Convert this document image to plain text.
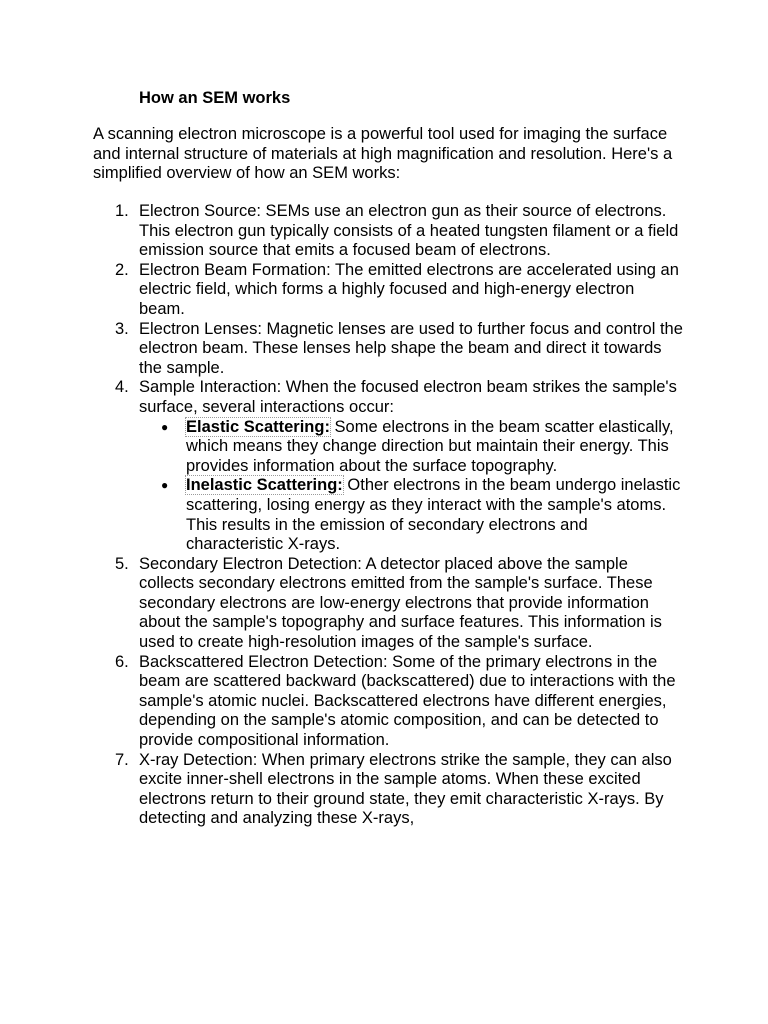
How an SEM works

A scanning electron microscope is a powerful tool used for imaging the surface and internal structure of materials at high magnification and resolution. Here's a simplified overview of how an SEM works:

1. Electron Source: SEMs use an electron gun as their source of electrons. This electron gun typically consists of a heated tungsten filament or a field emission source that emits a focused beam of electrons.
2. Electron Beam Formation: The emitted electrons are accelerated using an electric field, which forms a highly focused and high-energy electron beam.
3. Electron Lenses: Magnetic lenses are used to further focus and control the electron beam. These lenses help shape the beam and direct it towards the sample.
4. Sample Interaction: When the focused electron beam strikes the sample's surface, several interactions occur:
● Elastic Scattering: Some electrons in the beam scatter elastically, which means they change direction but maintain their energy. This provides information about the surface topography.
● Inelastic Scattering: Other electrons in the beam undergo inelastic scattering, losing energy as they interact with the sample's atoms. This results in the emission of secondary electrons and characteristic X-rays.
5. Secondary Electron Detection: A detector placed above the sample collects secondary electrons emitted from the sample's surface. These secondary electrons are low-energy electrons that provide information about the sample's topography and surface features. This information is used to create high-resolution images of the sample's surface.
6. Backscattered Electron Detection: Some of the primary electrons in the beam are scattered backward (backscattered) due to interactions with the sample's atomic nuclei. Backscattered electrons have different energies, depending on the sample's atomic composition, and can be detected to provide compositional information.
7. X-ray Detection: When primary electrons strike the sample, they can also excite inner-shell electrons in the sample atoms. When these excited electrons return to their ground state, they emit characteristic X-rays. By detecting and analyzing these X-rays,
